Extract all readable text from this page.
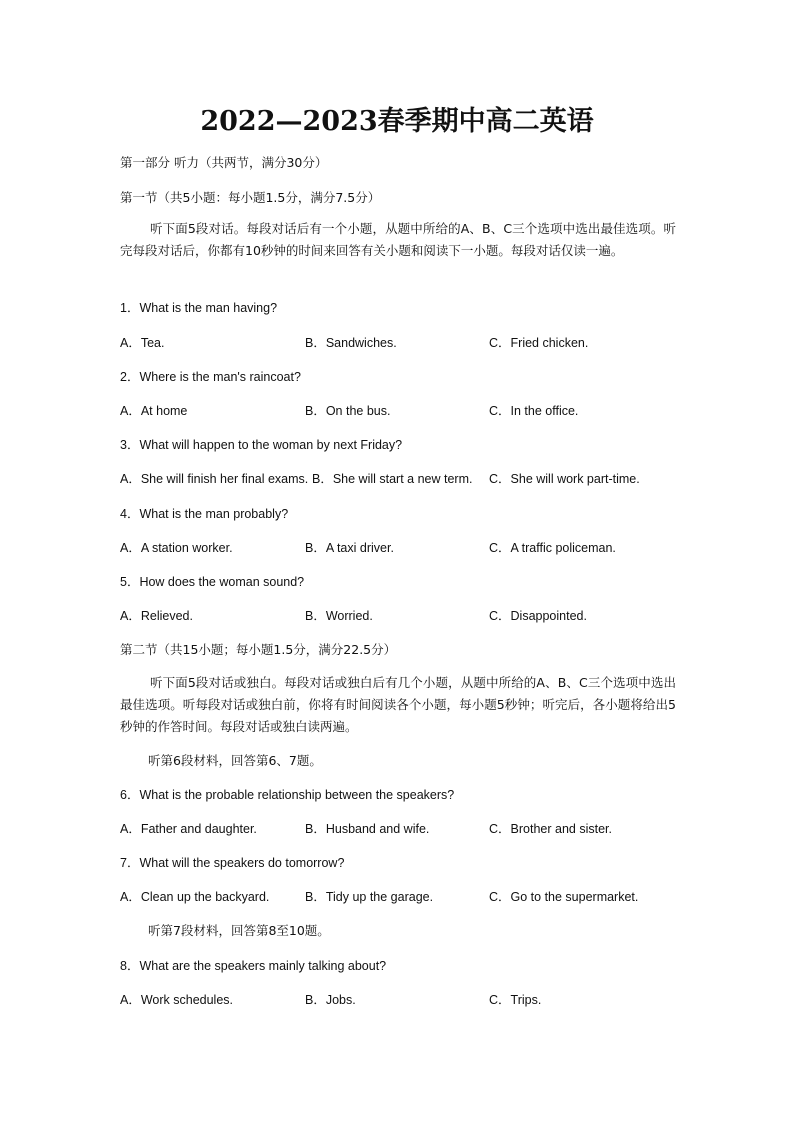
2022—2023春季期中高二英语
第一部分 听力（共两节，满分30分）
第一节（共5小题：每小题1.5分，满分7.5分）
听下面5段对话。每段对话后有一个小题，从题中所给的A、B、C三个选项中选出最佳选项。听完每段对话后，你都有10秒钟的时间来回答有关小题和阅读下一小题。每段对话仅读一遍。
1．What is the man having?
A．Tea.	B．Sandwiches.	C．Fried chicken.
2．Where is the man's raincoat?
A．At home	B．On the bus.	C．In the office.
3．What will happen to the woman by next Friday?
A．She will finish her final exams. B．She will start a new term. C．She will work part-time.
4．What is the man probably?
A．A station worker.	B．A taxi driver.	C．A traffic policeman.
5．How does the woman sound?
A．Relieved.	B．Worried.	C．Disappointed.
第二节（共15小题；每小题1.5分，满分22.5分）
听下面5段对话或独白。每段对话或独白后有几个小题，从题中所给的A、B、C三个选项中选出最佳选项。听每段对话或独白前，你将有时间阅读各个小题，每小题5秒钟；听完后，各小题将给出5秒钟的作答时间。每段对话或独白读两遍。
听第6段材料，回答第6、7题。
6．What is the probable relationship between the speakers?
A．Father and daughter.	B．Husband and wife.	C．Brother and sister.
7．What will the speakers do tomorrow?
A．Clean up the backyard.	B．Tidy up the garage.	C．Go to the supermarket.
听第7段材料，回答第8至10题。
8．What are the speakers mainly talking about?
A．Work schedules.	B．Jobs.	C．Trips.
